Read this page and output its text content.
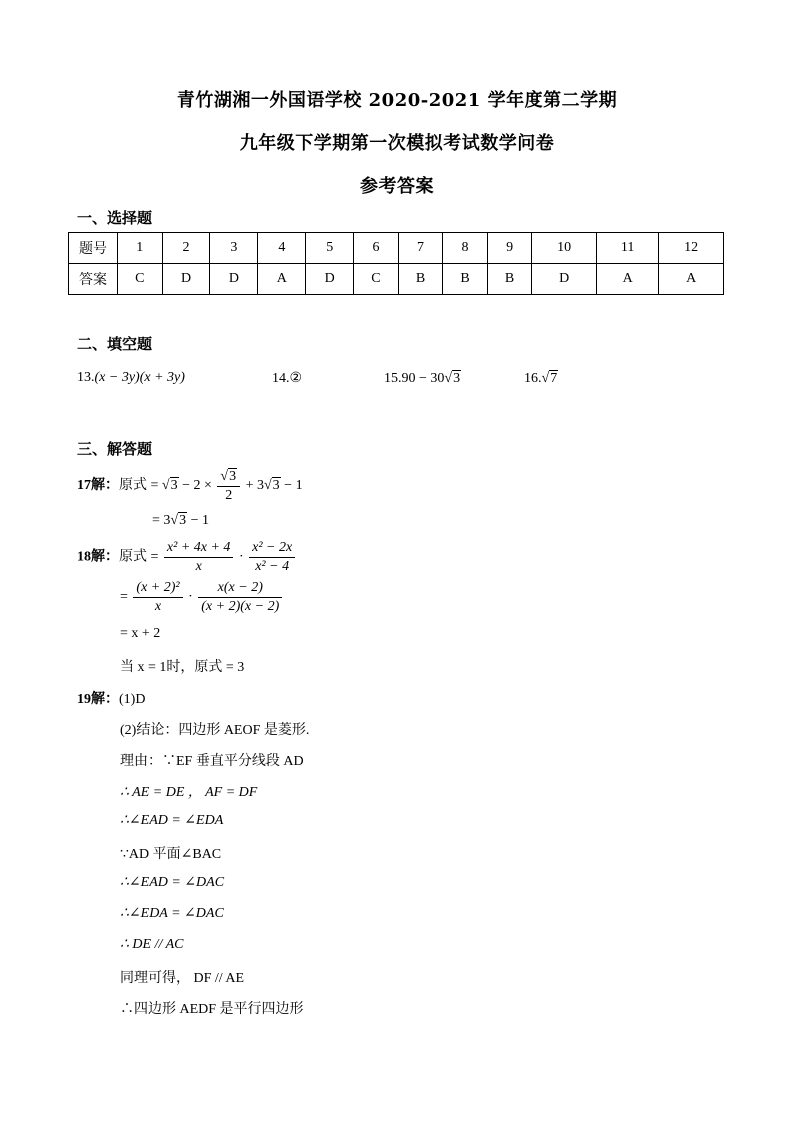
青竹湖湘一外国语学校 2020-2021 学年度第二学期
九年级下学期第一次模拟考试数学问卷
参考答案
一、选择题
题号	1	2	3	4	5	6	7	8	9	10	11	12
答案	C	D	D	A	D	C	B	B	B	D	A	A
二、填空题
13.(x − 3y)(x + 3y)	14.②	15.90 − 30√3	16.√7
三、解答题
17解：原式 = $√3 - 2 \times \frac{√3}{2} + 3√3 - 1$
= 3√3 − 1
18解：原式 = $\frac{\text{x² + 4x + 4}}{x} \cdot \frac{\text{x² − 2x}}{\text{x² − 4}}$
= $\frac{\text{(x + 2)²}}{x} \cdot \frac{x(x - 2)}{(x + 2)(x - 2)}$
= x + 2
当 x = 1时，原式 = 3
19解：(1)D
(2)结论：四边形 AEOF 是菱形.
理由：∵EF 垂直平分线段 AD
∴ AE = DE ， AF = DF
∴∠EAD = ∠EDA
∵AD 平面∠BAC
∴∠EAD = ∠DAC
∴∠EDA = ∠DAC
∴ DE // AC
同理可得， DF // AE
∴四边形 AEDF 是平行四边形
